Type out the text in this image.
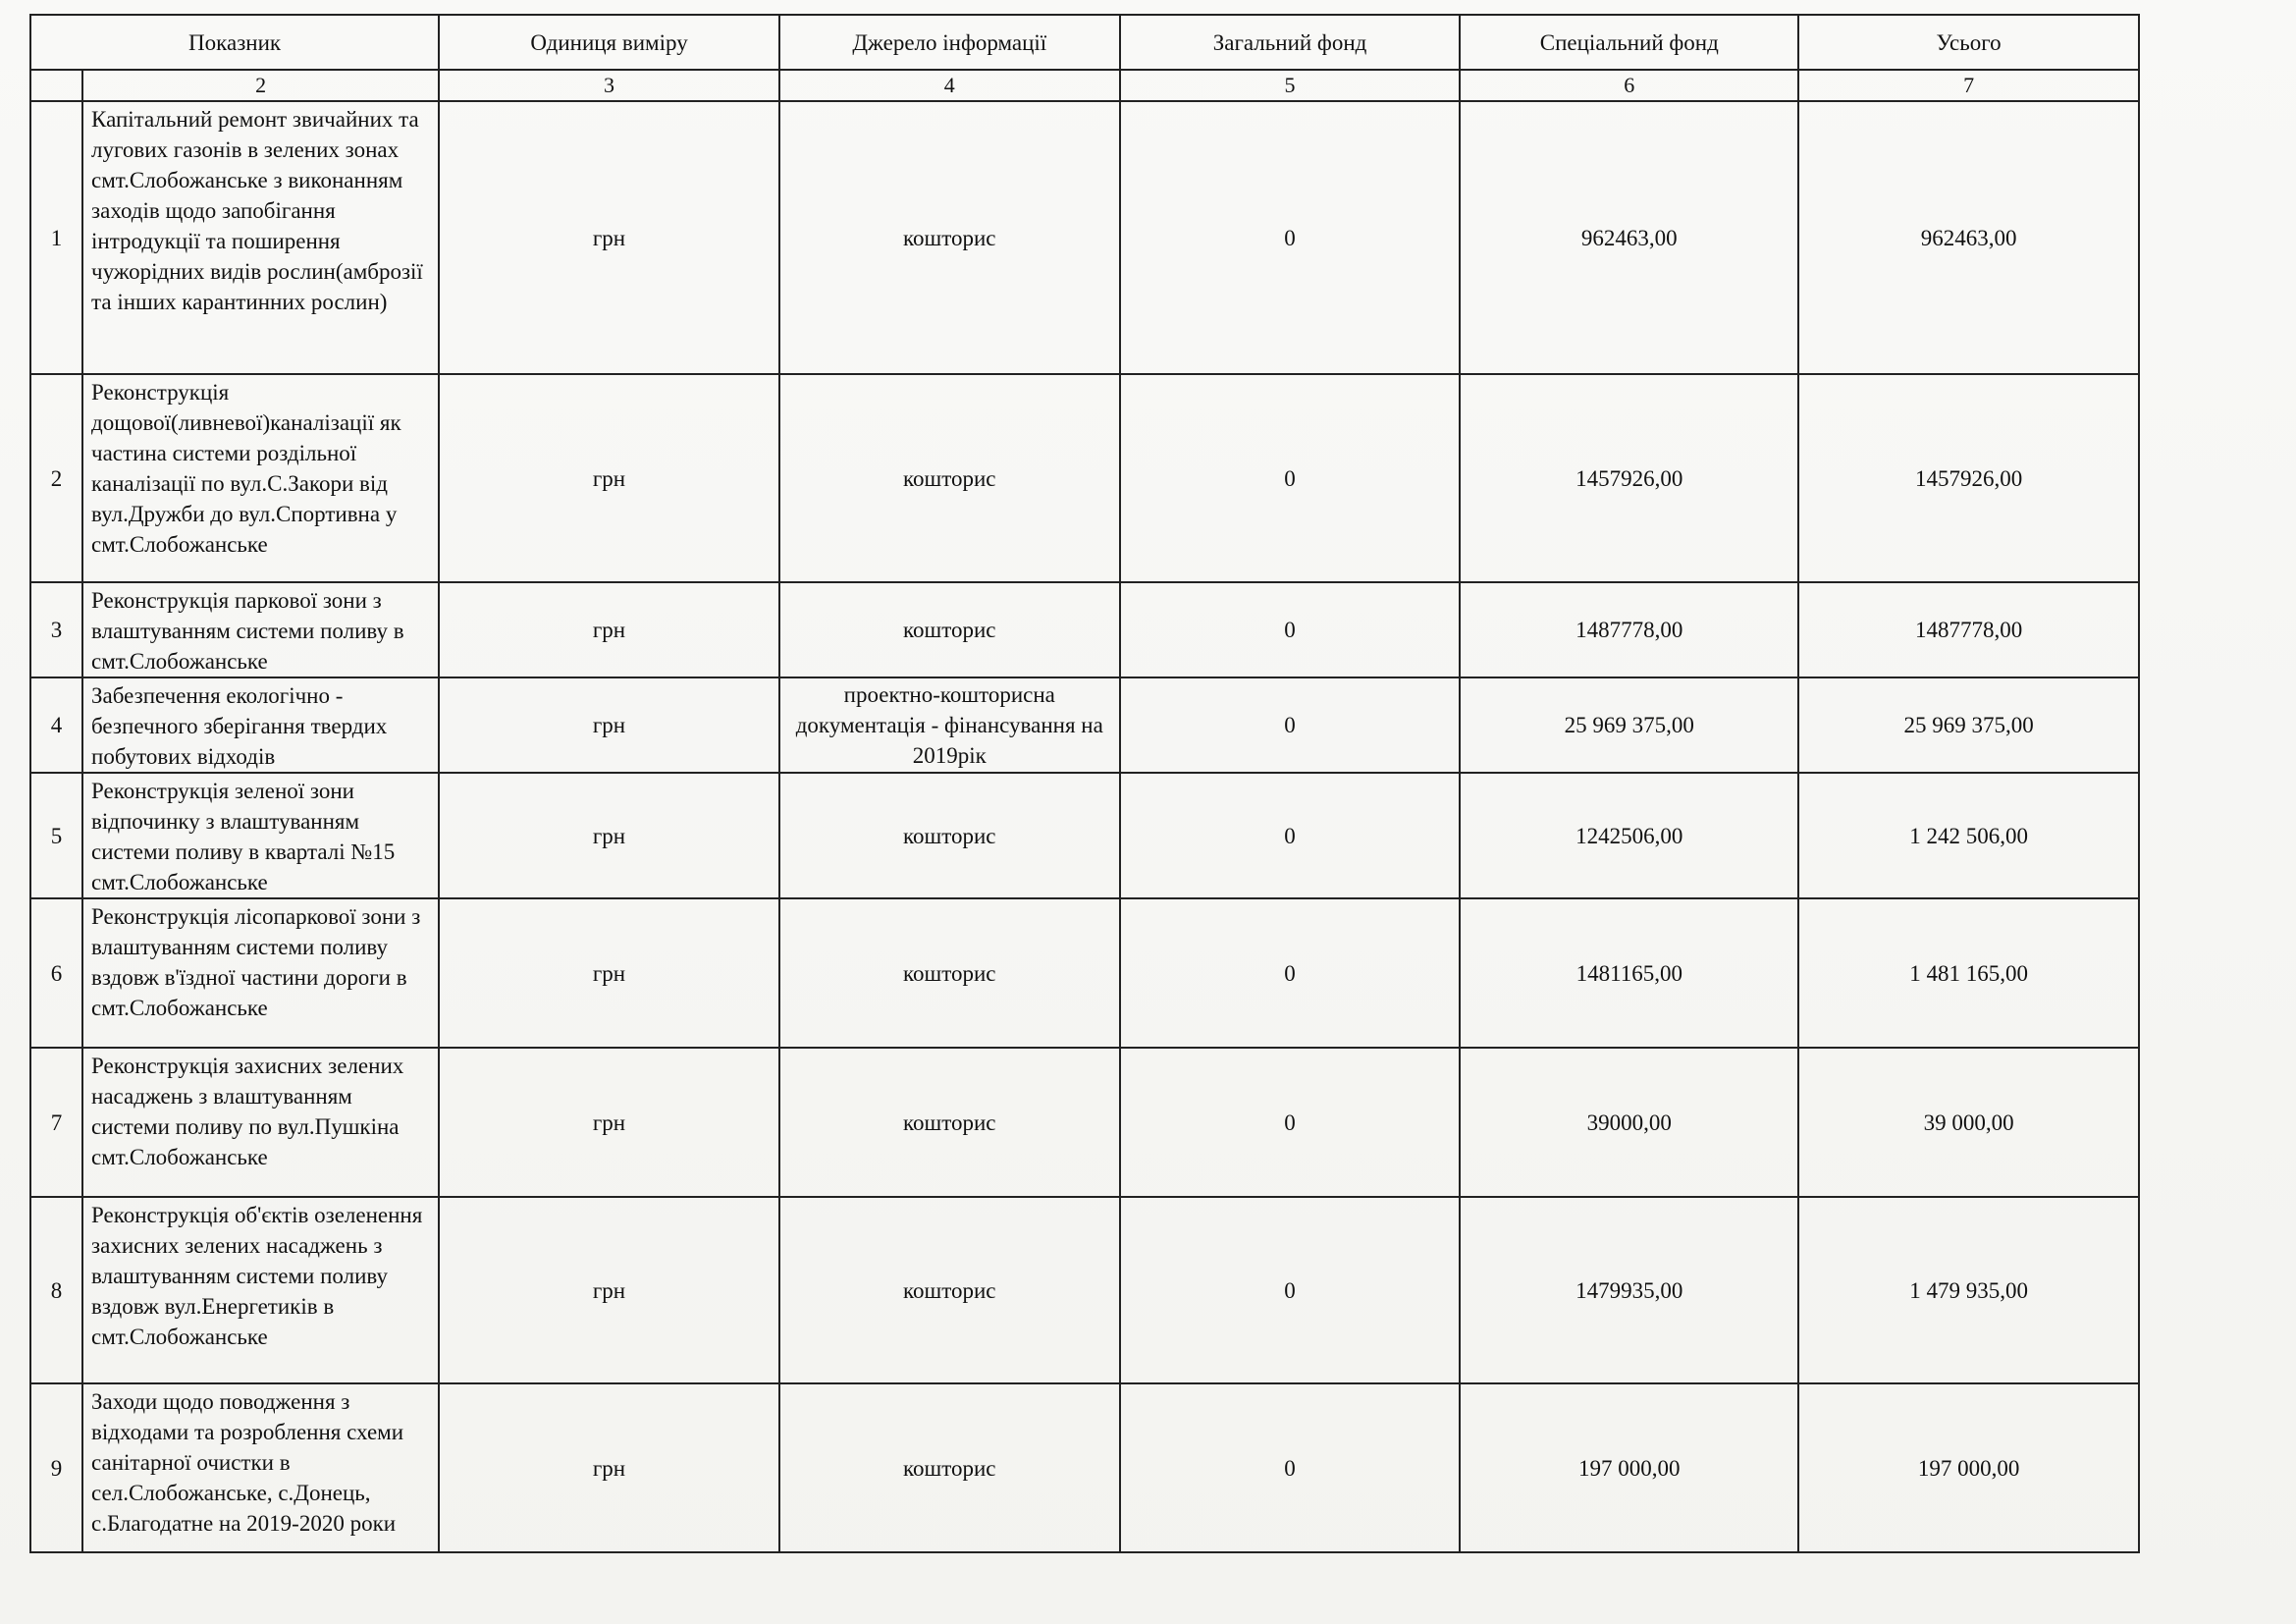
Показник		Одиниця виміру	Джерело інформації	Загальний фонд	Спеціальний фонд	Усього
	2	3	4	5	6	7
1	Капітальний ремонт звичайних та лугових газонів в зелених зонах смт.Слобожанське з виконанням заходів щодо запобігання інтродукції та поширення чужорідних видів рослин(амброзії та інших карантинних рослин)	грн	кошторис	0	962463,00	962463,00
2	Реконструкція дощової(ливневої)каналізації як частина системи роздільної каналізації по вул.С.Закори від вул.Дружби до вул.Спортивна у смт.Слобожанське	грн	кошторис	0	1457926,00	1457926,00
3	Реконструкція паркової зони з влаштуванням системи поливу в смт.Слобожанське	грн	кошторис	0	1487778,00	1487778,00
4	Забезпечення екологічно - безпечного зберігання твердих побутових відходів	грн	проектно-кошторисна документація - фінансування на 2019рік	0	25 969 375,00	25 969 375,00
5	Реконструкція зеленої зони відпочинку з влаштуванням системи поливу в кварталі №15 смт.Слобожанське	грн	кошторис	0	1242506,00	1 242 506,00
6	Реконструкція лісопаркової зони з влаштуванням системи поливу вздовж в'їздної частини дороги в смт.Слобожанське	грн	кошторис	0	1481165,00	1 481 165,00
7	Реконструкція захисних зелених насаджень з влаштуванням системи поливу по вул.Пушкіна смт.Слобожанське	грн	кошторис	0	39000,00	39 000,00
8	Реконструкція об'єктів озеленення захисних зелених насаджень з влаштуванням системи поливу вздовж вул.Енергетиків в смт.Слобожанське	грн	кошторис	0	1479935,00	1 479 935,00
9	Заходи щодо поводження з відходами та розроблення схеми санітарної очистки в сел.Слобожанське, с.Донець, с.Благодатне на 2019-2020 роки	грн	кошторис	0	197 000,00	197 000,00
